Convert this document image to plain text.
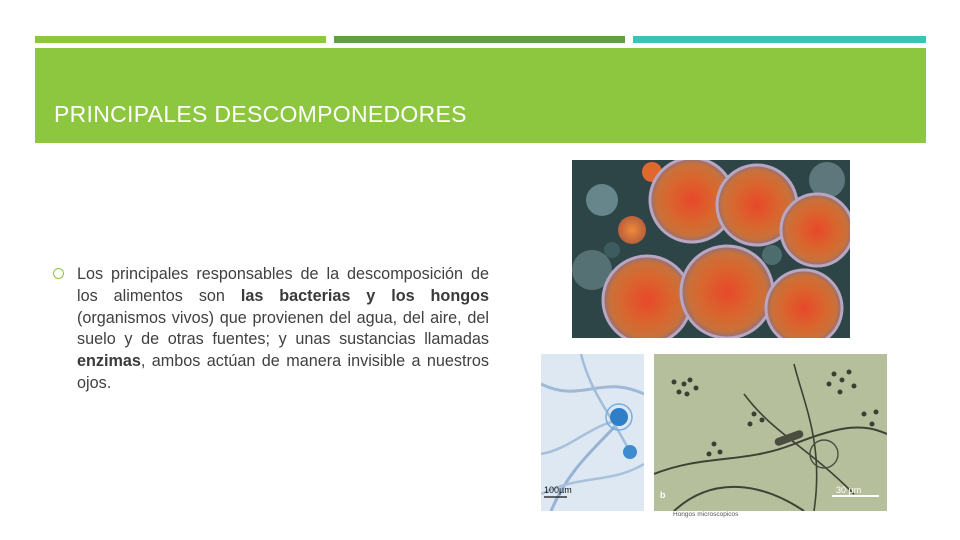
PRINCIPALES DESCOMPONEDORES
Los principales responsables de la descomposición de los alimentos son las bacterias y los hongos (organismos vivos) que provienen del agua, del aire, del suelo y de otras fuentes; y unas sustancias llamadas enzimas, ambos actúan de manera invisible a nuestros ojos.
100µm	b	30 µm
Hongos microscopicos
